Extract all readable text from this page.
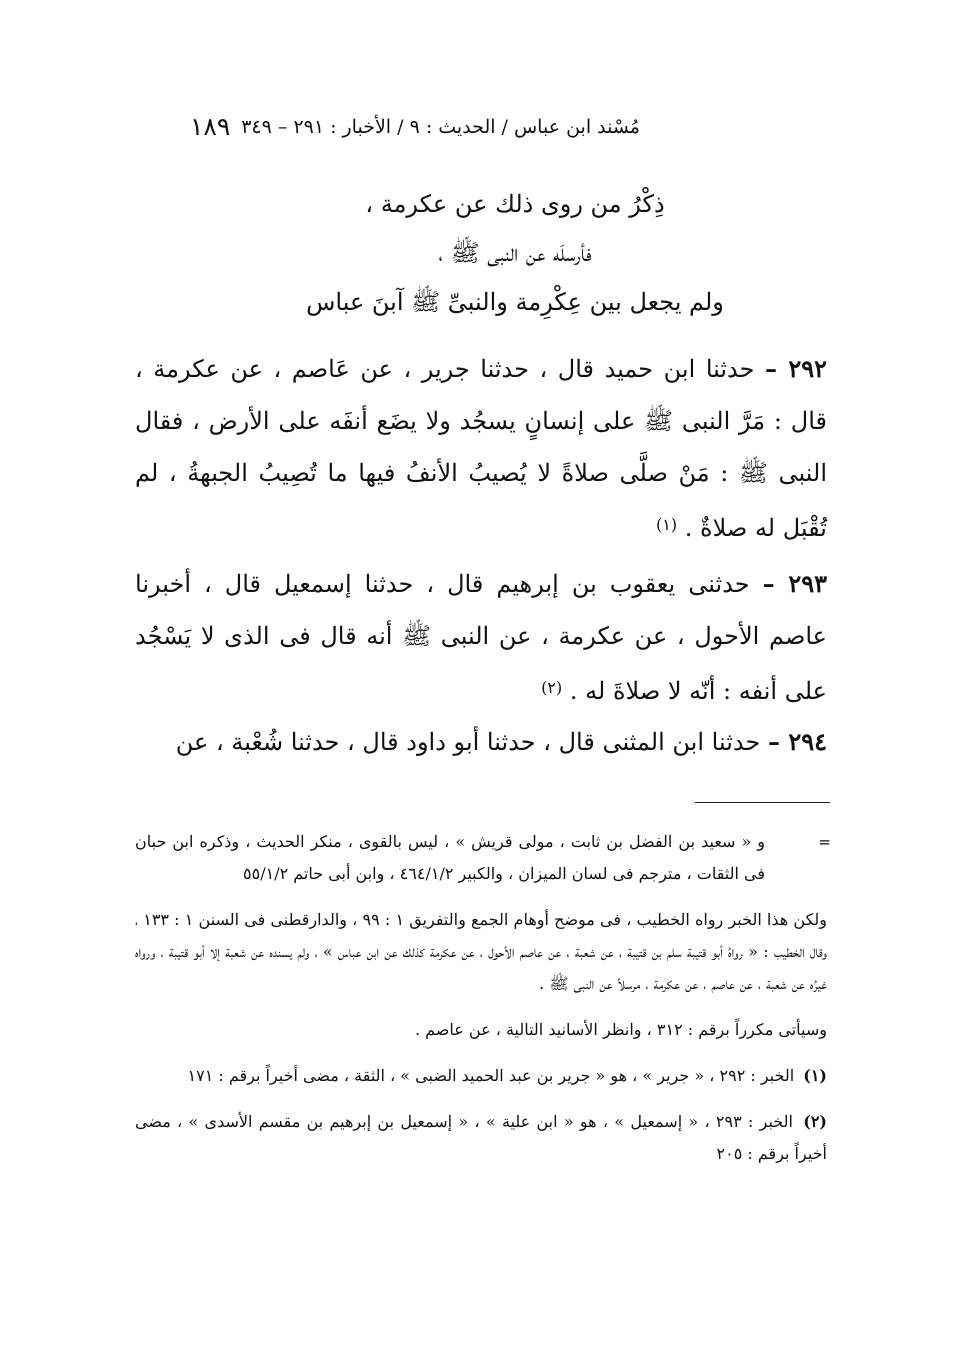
مُسْند ابن عباس / الحديث : ٩ / الأخبار : ٢٩١ – ٣٤٩
١٨٩
ذِكْرُ من روى ذلك عن عكرمة ،
فأرسلَه عن النبى ﷺ ،
ولم يجعل بين عِكْرِمة والنبىِّ ﷺ آبنَ عباس
٢٩٢ – حدثنا ابن حميد قال ، حدثنا جرير ، عن عَاصم ، عن عكرمة ، قال : مَرَّ النبى ﷺ على إنسانٍ يسجُد ولا يضَع أنفَه على الأرض ، فقال النبى ﷺ : مَنْ صلَّى صلاةً لا يُصيبُ الأنفُ فيها ما تُصِيبُ الجبهةُ ، لم تُقْبَل له صلاةٌ . $^{(١)}$
٢٩٣ – حدثنى يعقوب بن إبرهيم قال ، حدثنا إسمعيل قال ، أخبرنا عاصم الأحول ، عن عكرمة ، عن النبى ﷺ أنه قال فى الذى لا يَسْجُد على أنفه : أنّه لا صلاةَ له . $^{(٢)}$
٢٩٤ – حدثنا ابن المثنى قال ، حدثنا أبو داود قال ، حدثنا شُعْبة ، عن

=
و « سعيد بن الفضل بن ثابت ، مولى قريش » ، ليس بالقوى ، منكر الحديث ، وذكره ابن حبان فى الثقات ، مترجم فى لسان الميزان ، والكبير ٤٦٤/١/٢ ، وابن أبى حاتم ٥٥/١/٢

ولكن هذا الخبر رواه الخطيب ، فى موضح أوهام الجمع والتفريق ١ : ٩٩ ، والدارقطنى فى السنن ١ : ١٣٣ ، وقال الخطيب : « رواهُ أبو قتيبة سلم بن قتيبة ، عن شعبة ، عن عاصم الأحول ، عن عكرمة كذلك عن ابن عباس » ، ولم يسنده عن شعبة إلا أبو قتيبة ، ورواه غيرُه عن شعبة ، عن عاصم ، عن عكرمة ، مرسلاً عن النبى ﷺ .

وسيأتى مكرراً برقم : ٣١٢ ، وانظر الأسانيد التالية ، عن عاصم .

(١) الخبر : ٢٩٢ ، « جرير » ، هو « جرير بن عبد الحميد الضبى » ، الثقة ، مضى أخيراً برقم : ١٧١

(٢) الخبر : ٢٩٣ ، « إسمعيل » ، هو « ابن علية » ، « إسمعيل بن إبرهيم بن مقسم الأسدى » ، مضى أخيراً برقم : ٢٠٥
